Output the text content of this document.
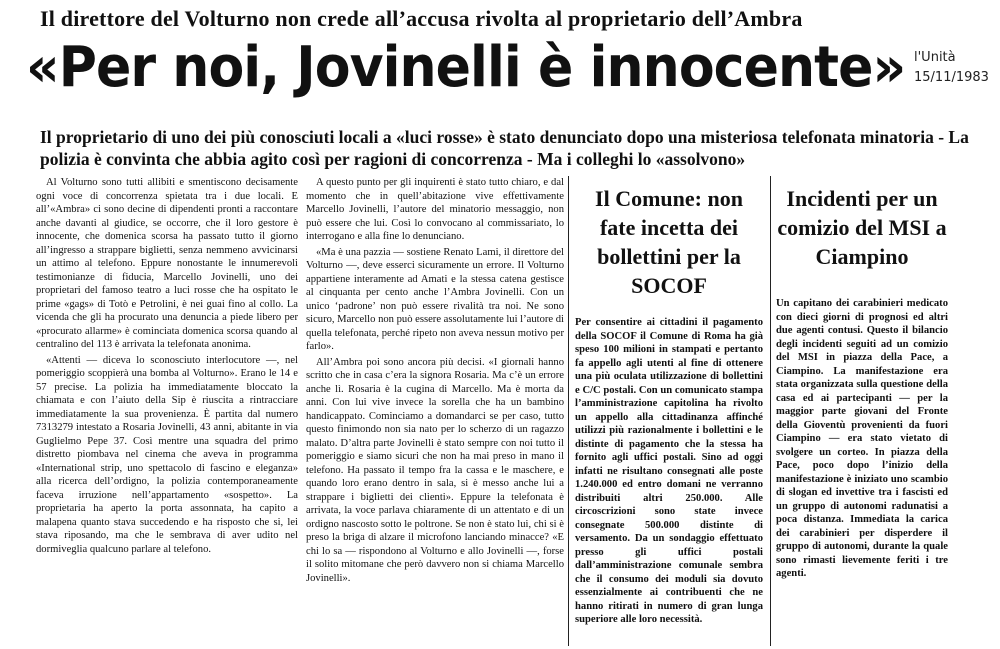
Il direttore del Volturno non crede all’accusa rivolta al proprietario dell’Ambra
«Per noi, Jovinelli è innocente» l'Unità
15/11/1983
Il proprietario di uno dei più conosciuti locali a «luci rosse» è stato denunciato dopo una misteriosa telefonata minatoria - La polizia è convinta che abbia agito così per ragioni di concorrenza - Ma i colleghi lo «assolvono»

Al Volturno sono tutti allibiti e smentiscono decisamente ogni voce di concorrenza spietata tra i due locali. E all’«Ambra» ci sono decine di dipendenti pronti a raccontare anche davanti al giudice, se occorre, che il loro gestore è innocente, che domenica scorsa ha passato tutto il giorno all’ingresso a strappare biglietti, senza nemmeno avvicinarsi un attimo al telefono. Eppure nonostante le innumerevoli testimonianze di fiducia, Marcello Jovinelli, uno dei proprietari del famoso teatro a luci rosse che ha ospitato le prime «gags» di Totò e Petrolini, è nei guai fino al collo. La vicenda che gli ha procurato una denuncia a piede libero per «procurato allarme» è cominciata domenica scorsa quando al centralino del 113 è arrivata la telefonata anonima.

«Attenti — diceva lo sconosciuto interlocutore —, nel pomeriggio scoppierà una bomba al Volturno». Erano le 14 e 57 precise. La polizia ha immediatamente bloccato la chiamata e con l’aiuto della Sip è riuscita a rintracciare immediatamente la sua provenienza. È partita dal numero 7313279 intestato a Rosaria Jovinelli, 43 anni, abitante in via Guglielmo Pepe 37. Così mentre una squadra del primo distretto piombava nel cinema che aveva in programma «International strip, uno spettacolo di fascino e eleganza» alla ricerca dell’ordigno, la polizia contemporaneamente faceva irruzione nell’appartamento «sospetto». La proprietaria ha aperto la porta assonnata, ha capito a malapena quanto stava succedendo e ha risposto che si, lei stava riposando, ma che le sembrava di aver udito nel dormiveglia qualcuno parlare al telefono.

A questo punto per gli inquirenti è stato tutto chiaro, e dal momento che in quell’abitazione vive effettivamente Marcello Jovinelli, l’autore del minatorio messaggio, non può essere che lui. Così lo convocano al commissariato, lo interrogano e alla fine lo denunciano.

«Ma è una pazzia — sostiene Renato Lami, il direttore del Volturno —, deve esserci sicuramente un errore. Il Volturno appartiene interamente ad Amati e la stessa catena gestisce al cinquanta per cento anche l’Ambra Jovinelli. Con un unico ‘padrone’ non può essere rivalità tra noi. Ne sono sicuro, Marcello non può essere assolutamente lui l’autore di quella telefonata, perché ripeto non aveva nessun motivo per farlo».

All’Ambra poi sono ancora più decisi. «I giornali hanno scritto che in casa c’era la signora Rosaria. Ma c’è un errore anche lì. Rosaria è la cugina di Marcello. Ma è morta da anni. Con lui vive invece la sorella che ha un bambino handicappato. Cominciamo a domandarci se per caso, tutto questo finimondo non sia nato per lo scherzo di un ragazzo malato. D’altra parte Jovinelli è stato sempre con noi tutto il pomeriggio e siamo sicuri che non ha mai preso in mano il telefono. Ha passato il tempo fra la cassa e le maschere, e quando loro erano dentro in sala, si è messo anche lui a strappare i biglietti dei clienti». Eppure la telefonata è arrivata, la voce parlava chiaramente di un attentato e di un ordigno nascosto sotto le poltrone. Se non è stato lui, chi si è preso la briga di alzare il microfono lanciando minacce? «E chi lo sa — rispondono al Volturno e allo Jovinelli —, forse il solito mitomane che però davvero non si chiama Marcello Jovinelli».

Il Comune: non fate incetta dei bollettini per la SOCOF
Per consentire ai cittadini il pagamento della SOCOF il Comune di Roma ha già speso 100 milioni in stampati e pertanto fa appello agli utenti al fine di ottenere una più oculata utilizzazione di bollettini e C/C postali. Con un comunicato stampa l’amministrazione capitolina ha rivolto un appello alla cittadinanza affinché utilizzi più razionalmente i bollettini e le distinte di pagamento che la stessa ha fornito agli uffici postali. Sino ad oggi infatti ne risultano consegnati alle poste 1.240.000 ed entro domani ne verranno distribuiti altri 250.000. Alle circoscrizioni sono state invece consegnate 500.000 distinte di versamento. Da un sondaggio effettuato presso gli uffici postali dall’amministrazione comunale sembra che il consumo dei moduli sia dovuto essenzialmente ai contribuenti che ne hanno ritirati in numero di gran lunga superiore alle loro necessità.
Incidenti per un comizio del MSI a Ciampino
Un capitano dei carabinieri medicato con dieci giorni di prognosi ed altri due agenti contusi. Questo il bilancio degli incidenti seguiti ad un comizio del MSI in piazza della Pace, a Ciampino. La manifestazione era stata organizzata sulla questione della casa ed ai partecipanti — per la maggior parte giovani del Fronte della Gioventù provenienti da fuori Ciampino — era stato vietato di svolgere un corteo. In piazza della Pace, poco dopo l’inizio della manifestazione è iniziato uno scambio di slogan ed invettive tra i fascisti ed un gruppo di autonomi radunatisi a poca distanza. Immediata la carica dei carabinieri per disperdere il gruppo di autonomi, durante la quale sono rimasti lievemente feriti i tre agenti.
